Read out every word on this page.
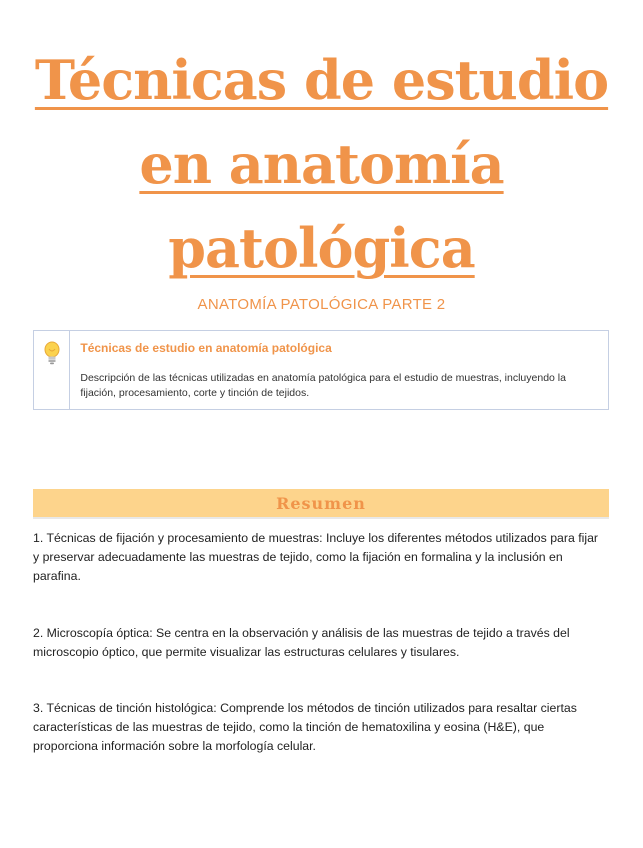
Técnicas de estudio
en anatomía
patológica
ANATOMÍA PATOLÓGICA PARTE 2
Técnicas de estudio en anatomía patológica
Descripción de las técnicas utilizadas en anatomía patológica para el estudio de muestras, incluyendo la fijación, procesamiento, corte y tinción de tejidos.
Resumen
1. Técnicas de fijación y procesamiento de muestras: Incluye los diferentes métodos utilizados para fijar y preservar adecuadamente las muestras de tejido, como la fijación en formalina y la inclusión en parafina.
2. Microscopía óptica: Se centra en la observación y análisis de las muestras de tejido a través del microscopio óptico, que permite visualizar las estructuras celulares y tisulares.
3. Técnicas de tinción histológica: Comprende los métodos de tinción utilizados para resaltar ciertas características de las muestras de tejido, como la tinción de hematoxilina y eosina (H&E), que proporciona información sobre la morfología celular.
